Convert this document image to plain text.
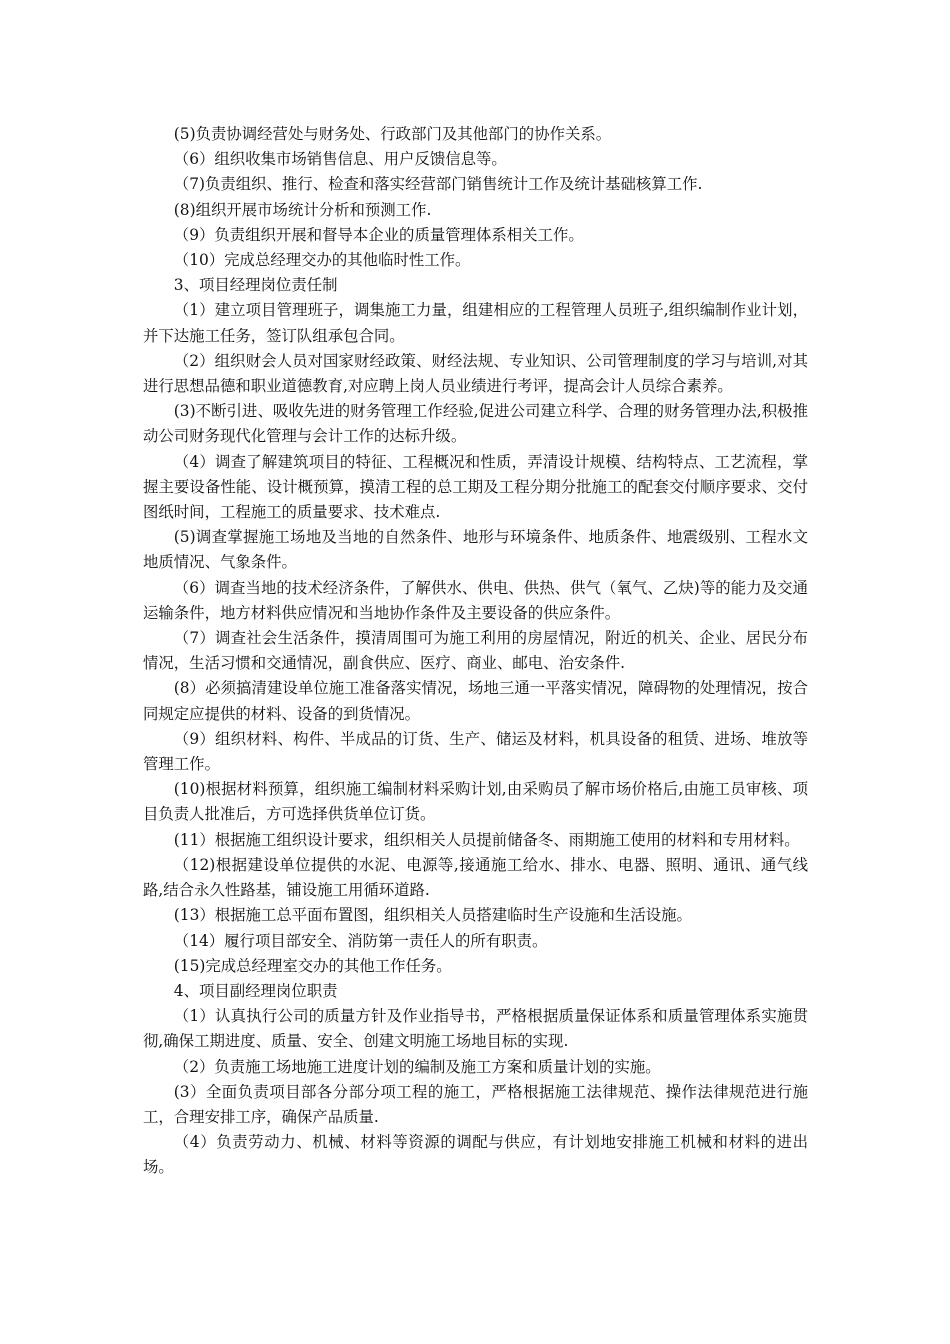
(5)负责协调经营处与财务处、行政部门及其他部门的协作关系。

（6）组织收集市场销售信息、用户反馈信息等。

（7)负责组织、推行、检查和落实经营部门销售统计工作及统计基础核算工作.

(8)组织开展市场统计分析和预测工作.

（9）负责组织开展和督导本企业的质量管理体系相关工作。

（10）完成总经理交办的其他临时性工作。

3、项目经理岗位责任制

（1）建立项目管理班子，调集施工力量，组建相应的工程管理人员班子,组织编制作业计划，并下达施工任务，签订队组承包合同。

（2）组织财会人员对国家财经政策、财经法规、专业知识、公司管理制度的学习与培训,对其进行思想品德和职业道德教育,对应聘上岗人员业绩进行考评，提高会计人员综合素养。

(3)不断引进、吸收先进的财务管理工作经验,促进公司建立科学、合理的财务管理办法,积极推动公司财务现代化管理与会计工作的达标升级。

（4）调查了解建筑项目的特征、工程概况和性质，弄清设计规模、结构特点、工艺流程，掌握主要设备性能、设计概预算，摸清工程的总工期及工程分期分批施工的配套交付顺序要求、交付图纸时间，工程施工的质量要求、技术难点.

(5)调查掌握施工场地及当地的自然条件、地形与环境条件、地质条件、地震级别、工程水文地质情况、气象条件。

（6）调查当地的技术经济条件，了解供水、供电、供热、供气（氧气、乙炔)等的能力及交通运输条件，地方材料供应情况和当地协作条件及主要设备的供应条件。

（7）调查社会生活条件，摸清周围可为施工利用的房屋情况，附近的机关、企业、居民分布情况，生活习惯和交通情况，副食供应、医疗、商业、邮电、治安条件.

(8）必须搞清建设单位施工准备落实情况，场地三通一平落实情况，障碍物的处理情况，按合同规定应提供的材料、设备的到货情况。

（9）组织材料、构件、半成品的订货、生产、储运及材料，机具设备的租赁、进场、堆放等管理工作。

(10)根据材料预算，组织施工编制材料采购计划,由采购员了解市场价格后,由施工员审核、项目负责人批准后，方可选择供货单位订货。

(11）根据施工组织设计要求，组织相关人员提前储备冬、雨期施工使用的材料和专用材料。

（12)根据建设单位提供的水泥、电源等,接通施工给水、排水、电器、照明、通讯、通气线路,结合永久性路基，铺设施工用循环道路.

(13）根据施工总平面布置图，组织相关人员搭建临时生产设施和生活设施。

（14）履行项目部安全、消防第一责任人的所有职责。

(15)完成总经理室交办的其他工作任务。

4、项目副经理岗位职责

（1）认真执行公司的质量方针及作业指导书，严格根据质量保证体系和质量管理体系实施贯彻,确保工期进度、质量、安全、创建文明施工场地目标的实现.

（2）负责施工场地施工进度计划的编制及施工方案和质量计划的实施。

(3）全面负责项目部各分部分项工程的施工，严格根据施工法律规范、操作法律规范进行施工，合理安排工序，确保产品质量.

（4）负责劳动力、机械、材料等资源的调配与供应，有计划地安排施工机械和材料的进出场。
